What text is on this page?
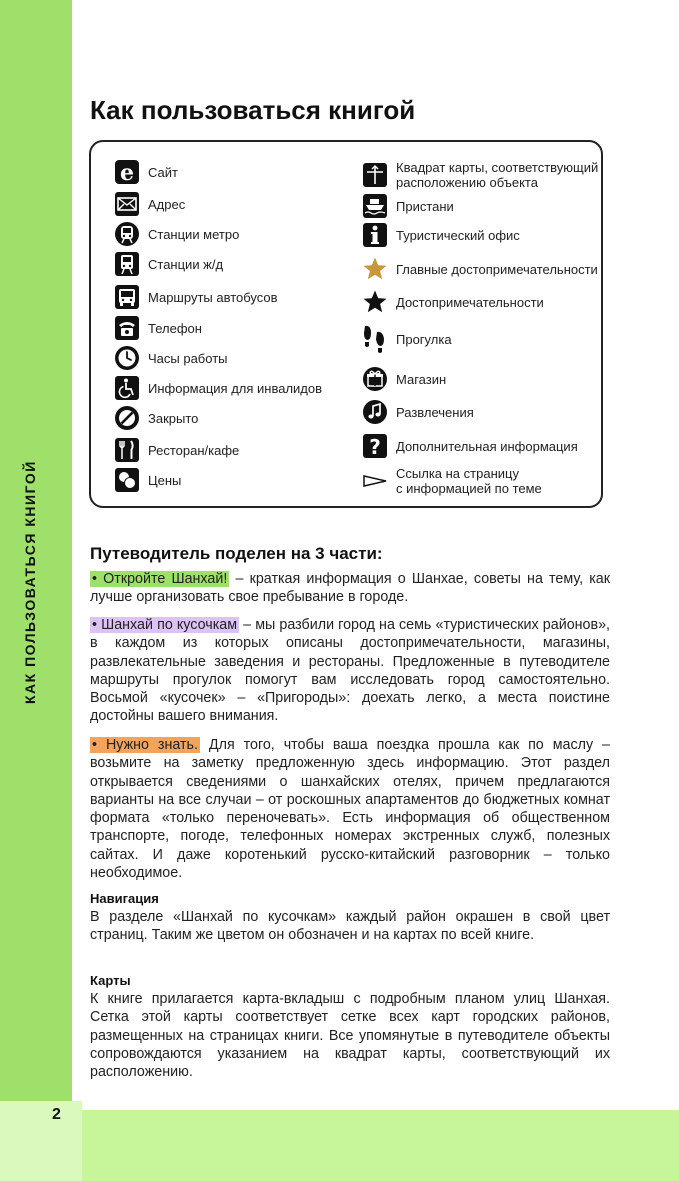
КАК ПОЛЬЗОВАТЬСЯ КНИГОЙ
2
Как пользоваться книгой
e Сайт
Адрес
Станции метро
Станции ж/д
Маршруты автобусов
Телефон
Часы работы
Информация для инвалидов
Закрыто
Ресторан/кафе
Цены
Квадрат карты, соответствующий
расположению объекта
Пристани
Туристический офис
Главные достопримечательности
Достопримечательности
Прогулка
Магазин
Развлечения
? Дополнительная информация
Ссылка на страницу
с информацией по теме
Путеводитель поделен на 3 части:

• Откройте Шанхай! – краткая информация о Шанхае, советы на тему, как лучше организовать свое пребывание в городе.

• Шанхай по кусочкам – мы разбили город на семь «туристических районов», в каждом из которых описаны достопримечательности, магазины, развлекательные заведения и рестораны. Предложенные в путеводителе маршруты прогулок помогут вам исследовать город самостоятельно. Восьмой «кусочек» – «Пригороды»: доехать легко, а места поистине достойны вашего внимания.

• Нужно знать. Для того, чтобы ваша поездка прошла как по маслу – возьмите на заметку предложенную здесь информацию. Этот раздел открывается сведениями о шанхайских отелях, причем предлагаются варианты на все случаи – от роскошных апартаментов до бюджетных комнат формата «только переночевать». Есть информация об общественном транспорте, погоде, телефонных номерах экстренных служб, полезных сайтах. И даже коротенький русско-китайский разговорник – только необходимое.

Навигация

В разделе «Шанхай по кусочкам» каждый район окрашен в свой цвет страниц. Таким же цветом он обозначен и на картах по всей книге.

Карты

К книге прилагается карта-вкладыш с подробным планом улиц Шанхая. Сетка этой карты соответствует сетке всех карт городских районов, размещенных на страницах книги. Все упомянутые в путеводителе объекты сопровождаются указанием на квадрат карты, соответствующий их расположению.
